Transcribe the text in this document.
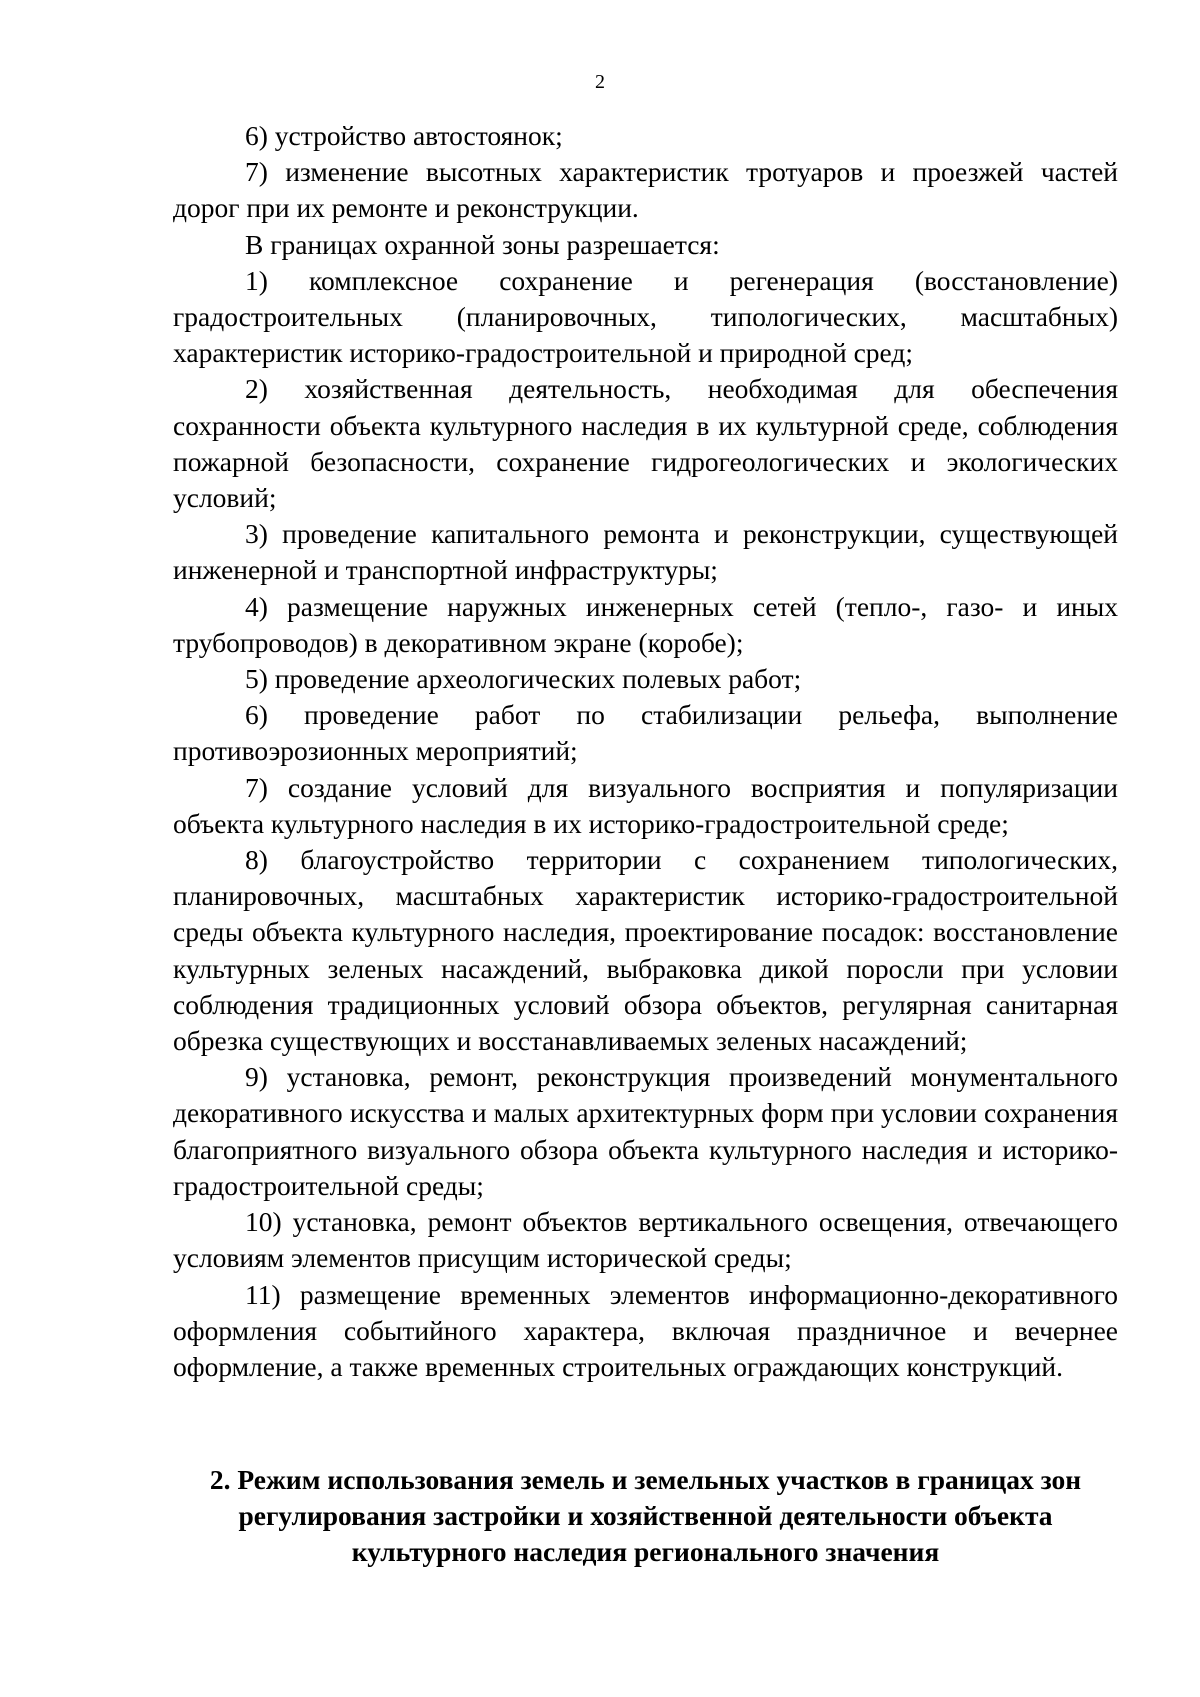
2

6) устройство автостоянок;

7) изменение высотных характеристик тротуаров и проезжей частей дорог при их ремонте и реконструкции.

В границах охранной зоны разрешается:

1) комплексное сохранение и регенерация (восстановление) градостроительных (планировочных, типологических, масштабных) характеристик историко-градостроительной и природной сред;

2) хозяйственная деятельность, необходимая для обеспечения сохранности объекта культурного наследия в их культурной среде, соблюдения пожарной безопасности, сохранение гидрогеологических и экологических условий;

3) проведение капитального ремонта и реконструкции, существующей инженерной и транспортной инфраструктуры;

4) размещение наружных инженерных сетей (тепло-, газо- и иных трубопроводов) в декоративном экране (коробе);

5) проведение археологических полевых работ;

6) проведение работ по стабилизации рельефа, выполнение противоэрозионных мероприятий;

7) создание условий для визуального восприятия и популяризации объекта культурного наследия в их историко-градостроительной среде;

8) благоустройство территории с сохранением типологических, планировочных, масштабных характеристик историко-градостроительной среды объекта культурного наследия, проектирование посадок: восстановление культурных зеленых насаждений, выбраковка дикой поросли при условии соблюдения традиционных условий обзора объектов, регулярная санитарная обрезка существующих и восстанавливаемых зеленых насаждений;

9) установка, ремонт, реконструкция произведений монументального декоративного искусства и малых архитектурных форм при условии сохранения благоприятного визуального обзора объекта культурного наследия и историко-градостроительной среды;

10) установка, ремонт объектов вертикального освещения, отвечающего условиям элементов присущим исторической среды;

11) размещение временных элементов информационно-декоративного оформления событийного характера, включая праздничное и вечернее оформление, а также временных строительных ограждающих конструкций.

2. Режим использования земель и земельных участков в границах зон регулирования застройки и хозяйственной деятельности объекта культурного наследия регионального значения
